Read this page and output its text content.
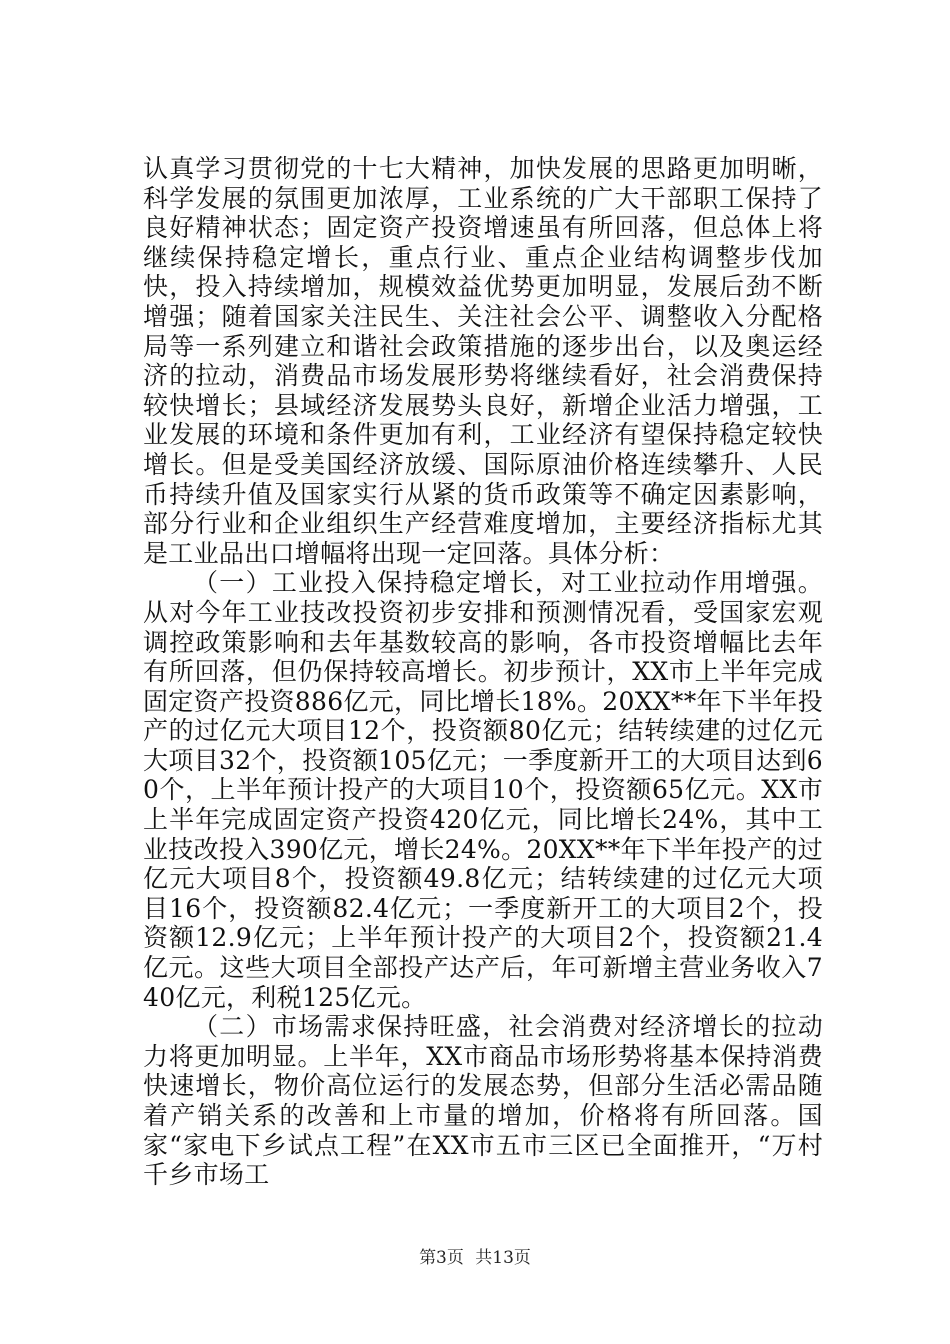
认真学习贯彻党的十七大精神，加快发展的思路更加明晰，科学发展的氛围更加浓厚，工业系统的广大干部职工保持了良好精神状态；固定资产投资增速虽有所回落，但总体上将继续保持稳定增长，重点行业、重点企业结构调整步伐加快，投入持续增加，规模效益优势更加明显，发展后劲不断增强；随着国家关注民生、关注社会公平、调整收入分配格局等一系列建立和谐社会政策措施的逐步出台，以及奥运经济的拉动，消费品市场发展形势将继续看好，社会消费保持较快增长；县域经济发展势头良好，新增企业活力增强，工业发展的环境和条件更加有利，工业经济有望保持稳定较快增长。但是受美国经济放缓、国际原油价格连续攀升、人民币持续升值及国家实行从紧的货币政策等不确定因素影响，部分行业和企业组织生产经营难度增加，主要经济指标尤其是工业品出口增幅将出现一定回落。具体分析：

（一）工业投入保持稳定增长，对工业拉动作用增强。从对今年工业技改投资初步安排和预测情况看，受国家宏观调控政策影响和去年基数较高的影响，各市投资增幅比去年有所回落，但仍保持较高增长。初步预计，XX市上半年完成固定资产投资886亿元，同比增长18%。20XX**年下半年投产的过亿元大项目12个，投资额80亿元；结转续建的过亿元大项目32个，投资额105亿元；一季度新开工的大项目达到60个，上半年预计投产的大项目10个，投资额65亿元。XX市上半年完成固定资产投资420亿元，同比增长24%，其中工业技改投入390亿元，增长24%。20XX**年下半年投产的过亿元大项目8个，投资额49.8亿元；结转续建的过亿元大项目16个，投资额82.4亿元；一季度新开工的大项目2个，投资额12.9亿元；上半年预计投产的大项目2个，投资额21.4亿元。这些大项目全部投产达产后，年可新增主营业务收入740亿元，利税125亿元。

（二）市场需求保持旺盛，社会消费对经济增长的拉动力将更加明显。上半年，XX市商品市场形势将基本保持消费快速增长，物价高位运行的发展态势，但部分生活必需品随着产销关系的改善和上市量的增加，价格将有所回落。国家“家电下乡试点工程”在XX市五市三区已全面推开，“万村千乡市场工

第3页 共13页
